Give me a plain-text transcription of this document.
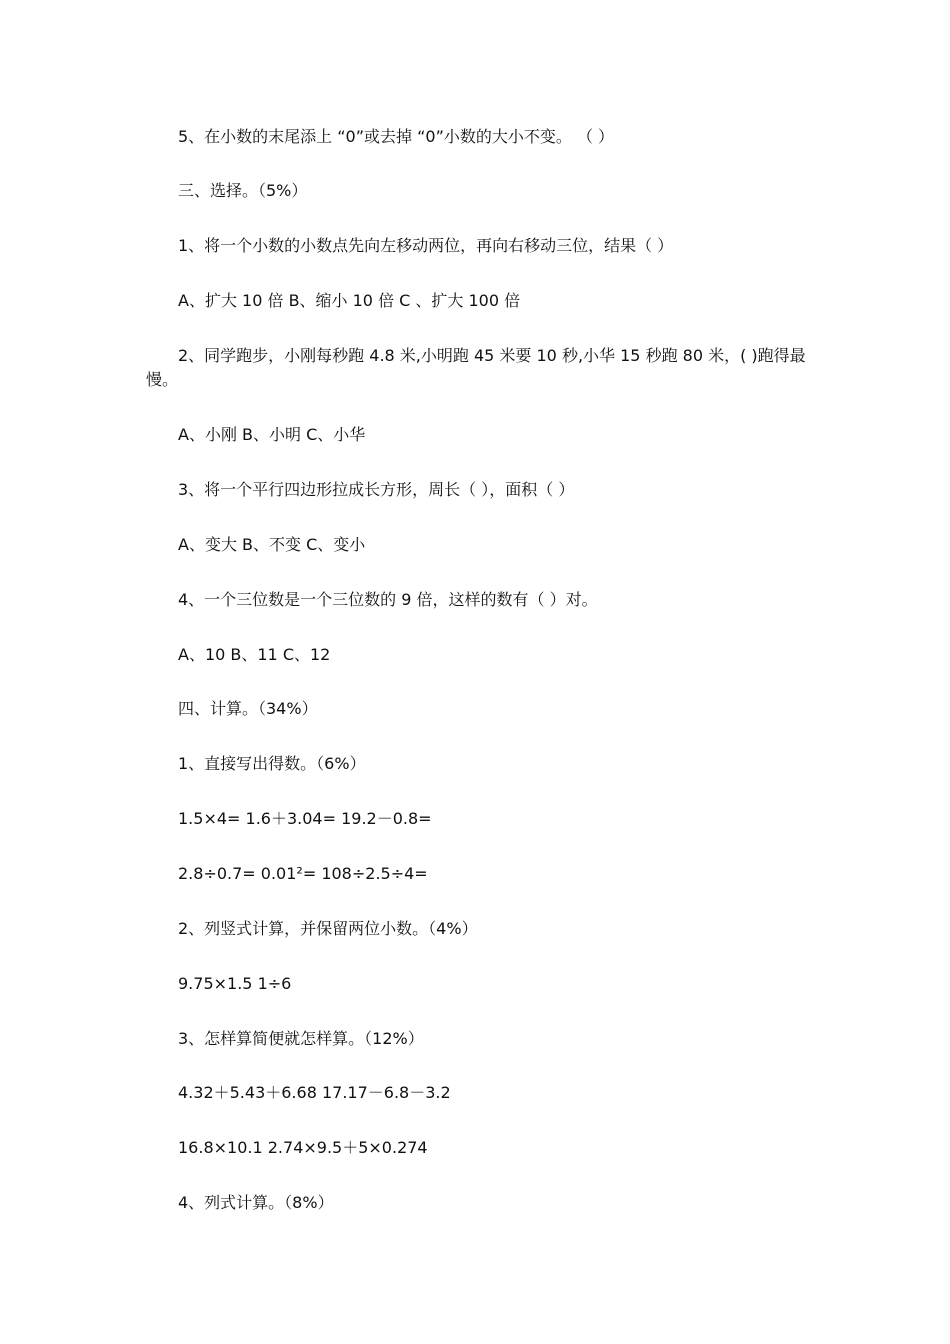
5、在小数的末尾添上 “0”或去掉 “0”小数的大小不变。 （ ）
三、选择。（5%）
1、将一个小数的小数点先向左移动两位，再向右移动三位，结果（ ）
A、扩大 10 倍 B、缩小 10 倍 C 、扩大 100 倍
2、同学跑步，小刚每秒跑 4.8 米,小明跑 45 米要 10 秒,小华 15 秒跑 80 米，( )跑得最
慢。
A、小刚 B、小明 C、小华
3、将一个平行四边形拉成长方形，周长（ ），面积（ ）
A、变大 B、不变 C、变小
4、一个三位数是一个三位数的 9 倍，这样的数有（ ）对。
A、10 B、11 C、12
四、计算。（34%）
1、直接写出得数。（6%）
1.5×4= 1.6＋3.04= 19.2－0.8=
2.8÷0.7= 0.01²= 108÷2.5÷4=
2、列竖式计算，并保留两位小数。（4%）
9.75×1.5 1÷6
3、怎样算简便就怎样算。（12%）
4.32＋5.43＋6.68 17.17－6.8－3.2
16.8×10.1 2.74×9.5＋5×0.274
4、列式计算。（8%）
